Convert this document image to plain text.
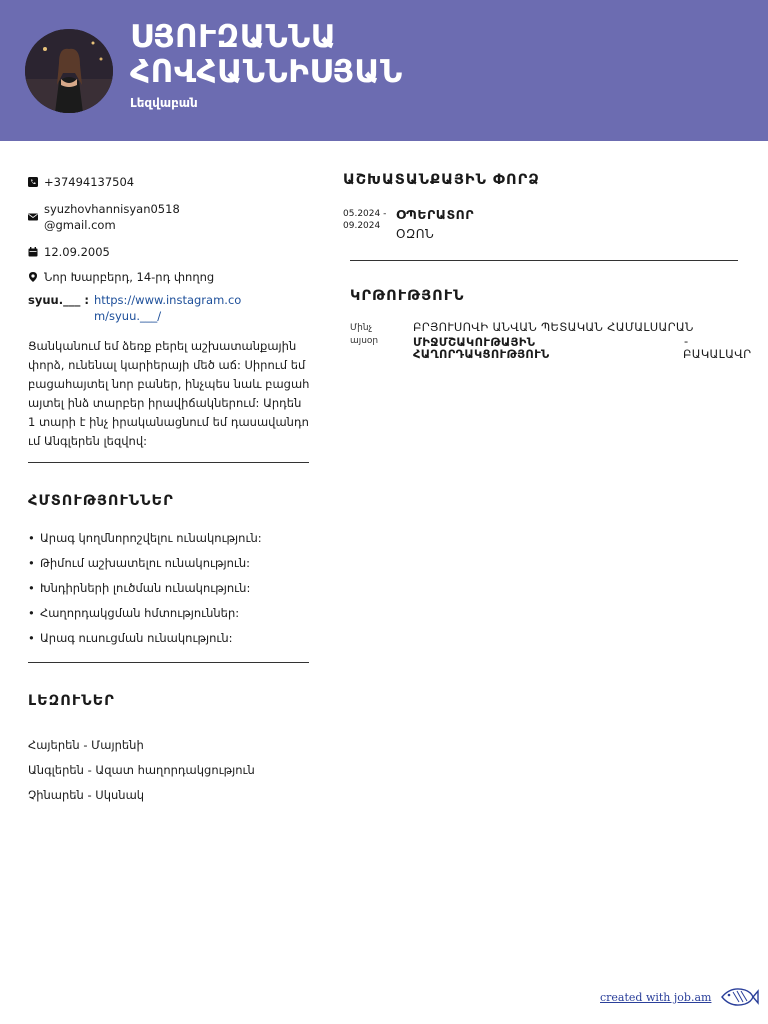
ՍՅՈՒԶԱՆՆԱ
ՀՈՎՀԱՆՆԻՍՅԱՆ
Լեզվաբան
+37494137504
syuzhovhannisyan0518
@gmail.com
12.09.2005
Նոր Խարբերդ, 14-րդ փողոց
syuu.___ : https://www.instagram.com/syuu.___/

Ցանկանում եմ ձեռք բերել աշխատանքային փորձ, ունենալ կարիերայի մեծ աճ: Սիրում եմ բացահայտել նոր բաներ, ինչպես նաև բացահայտել ինձ տարբեր իրավիճակներում: Արդեն 1 տարի է ինչ իրականացնում եմ դասավանդում Անգլերեն լեզվով:

ՀՄՏՈՒԹՅՈՒՆՆԵՐ
• Արագ կողմնորոշվելու ունակություն:
• Թիմում աշխատելու ունակություն:
• Խնդիրների լուծման ունակություն:
• Հաղորդակցման հմտություններ:
• Արագ ուսուցման ունակություն:
ԼԵԶՈՒՆԵՐ
Հայերեն - Մայրենի
Անգլերեն - Ազատ հաղորդակցություն
Չինարեն - Սկսնակ
ԱՇԽԱՏԱՆՔԱՅԻՆ ՓՈՐՁ
05.2024 -
09.2024
ՕՊԵՐԱՏՈՐ
ՕԶՈՆ
ԿՐԹՈՒԹՅՈՒՆ
Մինչ
այսօր
ԲՐՅՈՒՍՈՎԻ ԱՆՎԱՆ ՊԵՏԱԿԱՆ ՀԱՄԱԼՍԱՐԱՆ
ՄԻՋՄՇԱԿՈՒԹԱՅԻՆ
ՀԱՂՈՐԴԱԿՑՈՒԹՅՈՒՆ
-
ԲԱԿԱԼԱՎՐ
created with job.am
